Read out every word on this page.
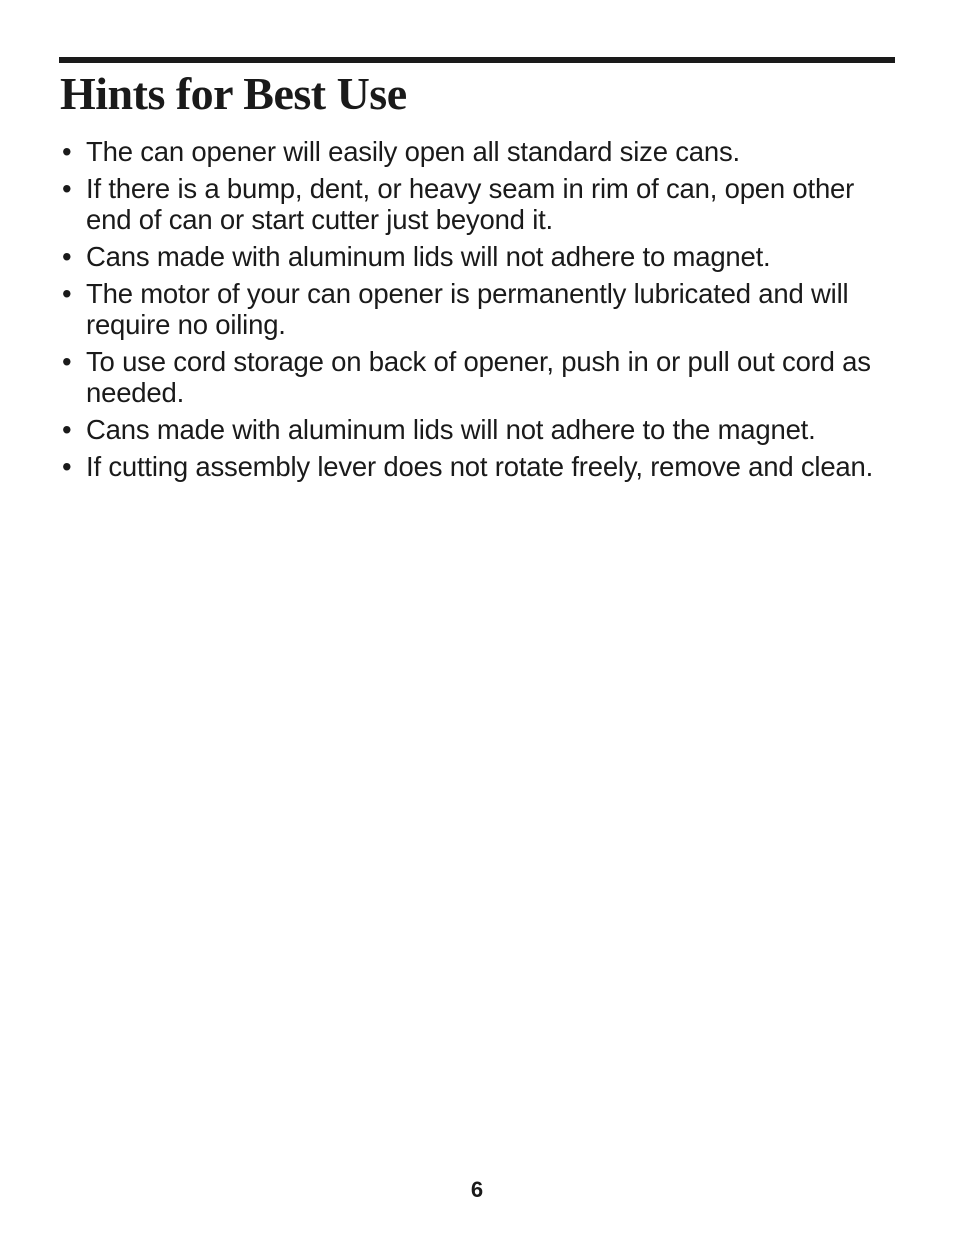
Hints for Best Use
• The can opener will easily open all standard size cans.
• If there is a bump, dent, or heavy seam in rim of can, open other end of can or start cutter just beyond it.
• Cans made with aluminum lids will not adhere to magnet.
• The motor of your can opener is permanently lubricated and will require no oiling.
• To use cord storage on back of opener, push in or pull out cord as needed.
• Cans made with aluminum lids will not adhere to the magnet.
• If cutting assembly lever does not rotate freely, remove and clean.
6
